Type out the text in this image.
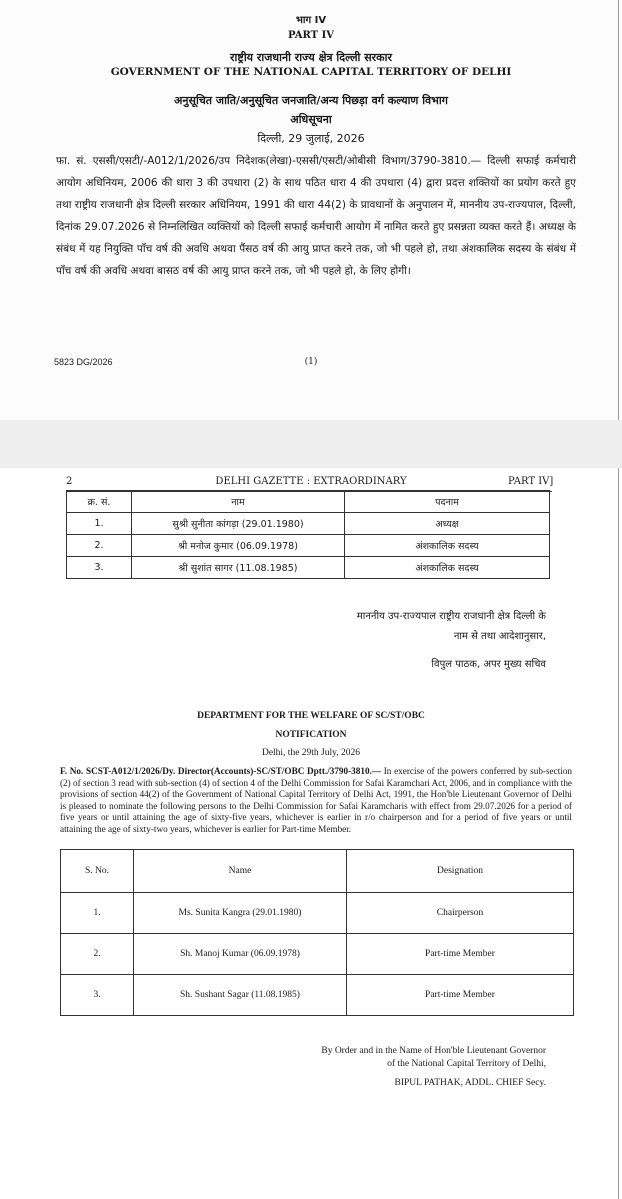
भाग IV
PART IV
राष्ट्रीय राजधानी राज्य क्षेत्र दिल्ली सरकार
GOVERNMENT OF THE NATIONAL CAPITAL TERRITORY OF DELHI
अनुसूचित जाति/अनुसूचित जनजाति/अन्य पिछड़ा वर्ग कल्याण विभाग
अधिसूचना
दिल्ली, 29 जुलाई, 2026
फा. सं. एससी/एसटी/-A012/1/2026/उप निदेशक(लेखा)-एससी/एसटी/ओबीसी विभाग/3790-3810.— दिल्ली सफाई कर्मचारी आयोग अधिनियम, 2006 की धारा 3 की उपधारा (2) के साथ पठित धारा 4 की उपधारा (4) द्वारा प्रदत्त शक्तियों का प्रयोग करते हुए तथा राष्ट्रीय राजधानी क्षेत्र दिल्ली सरकार अधिनियम, 1991 की धारा 44(2) के प्रावधानों के अनुपालन में, माननीय उप-राज्यपाल, दिल्ली, दिनांक 29.07.2026 से निम्नलिखित व्यक्तियों को दिल्ली सफाई कर्मचारी आयोग में नामित करते हुए प्रसन्नता व्यक्त करते हैं। अध्यक्ष के संबंध में यह नियुक्ति पाँच वर्ष की अवधि अथवा पैंसठ वर्ष की आयु प्राप्त करने तक, जो भी पहले हो, तथा अंशकालिक सदस्य के संबंध में पाँच वर्ष की अवधि अथवा बासठ वर्ष की आयु प्राप्त करने तक, जो भी पहले हो, के लिए होगी।
5823 DG/2026	(1)
2	DELHI GAZETTE : EXTRAORDINARY	PART IV]
क्र. सं.	नाम	पदनाम
1.	सुश्री सुनीता कांगड़ा (29.01.1980)	अध्यक्ष
2.	श्री मनोज कुमार (06.09.1978)	अंशकालिक सदस्य
3.	श्री सुशांत सागर (11.08.1985)	अंशकालिक सदस्य
माननीय उप-राज्यपाल राष्ट्रीय राजधानी क्षेत्र दिल्ली के
नाम से तथा आदेशानुसार,
विपुल पाठक, अपर मुख्य सचिव
DEPARTMENT FOR THE WELFARE OF SC/ST/OBC
NOTIFICATION
Delhi, the 29th July, 2026
F. No. SCST-A012/1/2026/Dy. Director(Accounts)-SC/ST/OBC Dptt./3790-3810.— In exercise of the powers conferred by sub-section (2) of section 3 read with sub-section (4) of section 4 of the Delhi Commission for Safai Karamchari Act, 2006, and in compliance with the provisions of section 44(2) of the Government of National Capital Territory of Delhi Act, 1991, the Hon'ble Lieutenant Governor of Delhi is pleased to nominate the following persons to the Delhi Commission for Safai Karamcharis with effect from 29.07.2026 for a period of five years or until attaining the age of sixty-five years, whichever is earlier in r/o chairperson and for a period of five years or until attaining the age of sixty-two years, whichever is earlier for Part-time Member.
S. No.	Name	Designation
1.	Ms. Sunita Kangra (29.01.1980)	Chairperson
2.	Sh. Manoj Kumar (06.09.1978)	Part-time Member
3.	Sh. Sushant Sagar (11.08.1985)	Part-time Member
By Order and in the Name of Hon'ble Lieutenant Governor
of the National Capital Territory of Delhi,
BIPUL PATHAK, ADDL. CHIEF Secy.
